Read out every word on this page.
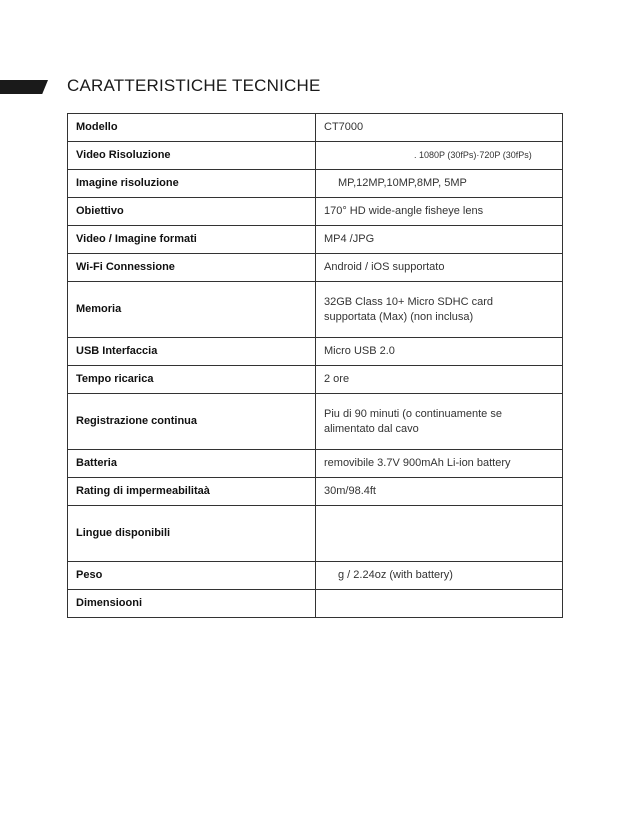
CARATTERISTICHE TECNICHE
Modello	CT7000
Video Risoluzione	. 1080P (30fPs)·720P (30fPs)
Imagine risoluzione	MP,12MP,10MP,8MP, 5MP
Obiettivo	170° HD wide-angle fisheye lens
Video / Imagine formati	MP4 /JPG
Wi-Fi Connessione	Android / iOS supportato
Memoria	32GB Class 10+ Micro SDHC card
supportata (Max) (non inclusa)

USB Interfaccia	Micro USB 2.0
Tempo ricarica	2 ore
Registrazione continua	Piu di 90 minuti (o continuamente se
alimentato dal cavo

Batteria	removibile 3.7V 900mAh Li-ion battery
Rating di impermeabilitaà	30m/98.4ft
Lingue disponibili	
Peso	g / 2.24oz (with battery)
Dimensiooni	
